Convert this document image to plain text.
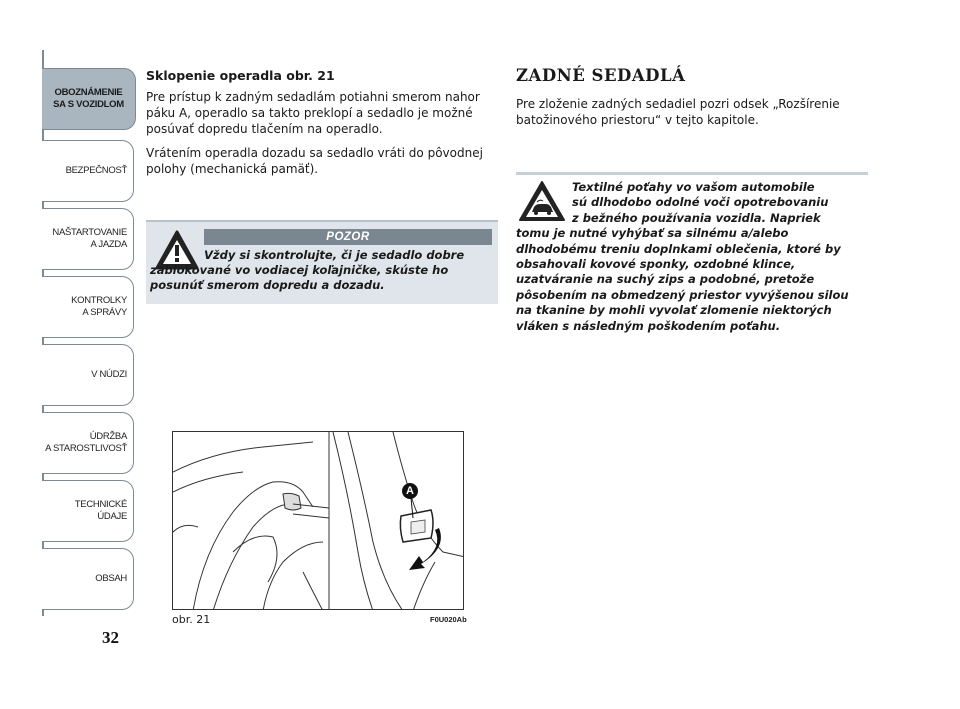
OBOZNÁMENIE
SA S VOZIDLOM
BEZPEČNOSŤ
NAŠTARTOVANIE
A JAZDA
KONTROLKY
A SPRÁVY
V NÚDZI
ÚDRŽBA
A STAROSTLIVOSŤ
TECHNICKÉ
ÚDAJE
OBSAH
32
Sklopenie operadla obr. 21

Pre prístup k zadným sedadlám potiahni smerom nahor páku A, operadlo sa takto preklopí a sedadlo je možné posúvať dopredu tlačením na operadlo.

Vrátením operadla dozadu sa sedadlo vráti do pôvodnej polohy (mechanická pamäť).

POZOR
Vždy si skontrolujte, či je sedadlo dobre zablokované vo vodiacej koľajničke, skúste ho posunúť smerom dopredu a dozadu.
A
obr. 21	F0U020Ab
ZADNÉ SEDADLÁ

Pre zloženie zadných sedadiel pozri odsek „Rozšírenie batožinového priestoru“ v tejto kapitole.

Textilné poťahy vo vašom automobile
sú dlhodobo odolné voči opotrebovaniu
z bežného používania vozidla. Napriek
tomu je nutné vyhýbať sa silnému a/alebo dlhodobému treniu doplnkami oblečenia, ktoré by obsahovali kovové sponky, ozdobné klince, uzatváranie na suchý zips a podobné, pretože pôsobením na obmedzený priestor vyvýšenou silou na tkanine by mohli vyvolať zlomenie niektorých vláken s následným poškodením poťahu.
